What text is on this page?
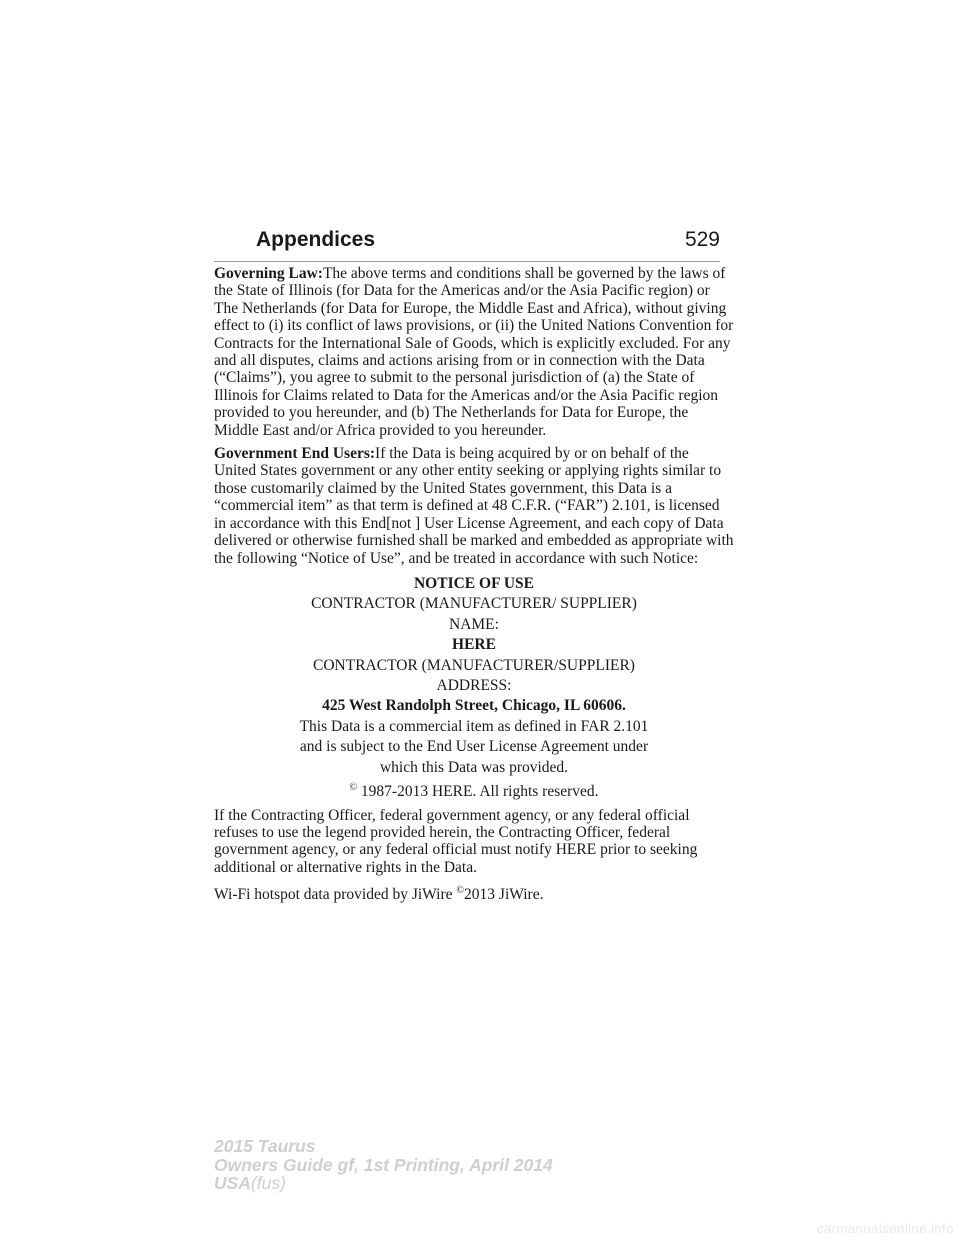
Appendices	529

Governing Law:The above terms and conditions shall be governed by the laws of the State of Illinois (for Data for the Americas and/or the Asia Pacific region) or The Netherlands (for Data for Europe, the Middle East and Africa), without giving effect to (i) its conflict of laws provisions, or (ii) the United Nations Convention for Contracts for the International Sale of Goods, which is explicitly excluded. For any and all disputes, claims and actions arising from or in connection with the Data (“Claims”), you agree to submit to the personal jurisdiction of (a) the State of Illinois for Claims related to Data for the Americas and/or the Asia Pacific region provided to you hereunder, and (b) The Netherlands for Data for Europe, the Middle East and/or Africa provided to you hereunder.

Government End Users:If the Data is being acquired by or on behalf of the United States government or any other entity seeking or applying rights similar to those customarily claimed by the United States government, this Data is a “commercial item” as that term is defined at 48 C.F.R. (“FAR”) 2.101, is licensed in accordance with this End[not ] User License Agreement, and each copy of Data delivered or otherwise furnished shall be marked and embedded as appropriate with the following “Notice of Use”, and be treated in accordance with such Notice:

NOTICE OF USE
CONTRACTOR (MANUFACTURER/ SUPPLIER)
NAME:
HERE
CONTRACTOR (MANUFACTURER/SUPPLIER)
ADDRESS:
425 West Randolph Street, Chicago, IL 60606.
This Data is a commercial item as defined in FAR 2.101
and is subject to the End User License Agreement under
which this Data was provided.
© 1987-2013 HERE. All rights reserved.

If the Contracting Officer, federal government agency, or any federal official refuses to use the legend provided herein, the Contracting Officer, federal government agency, or any federal official must notify HERE prior to seeking additional or alternative rights in the Data.

Wi-Fi hotspot data provided by JiWire ©2013 JiWire.

2015 Taurus
Owners Guide gf, 1st Printing, April 2014
USA(fus)
carmanualsonline.info
